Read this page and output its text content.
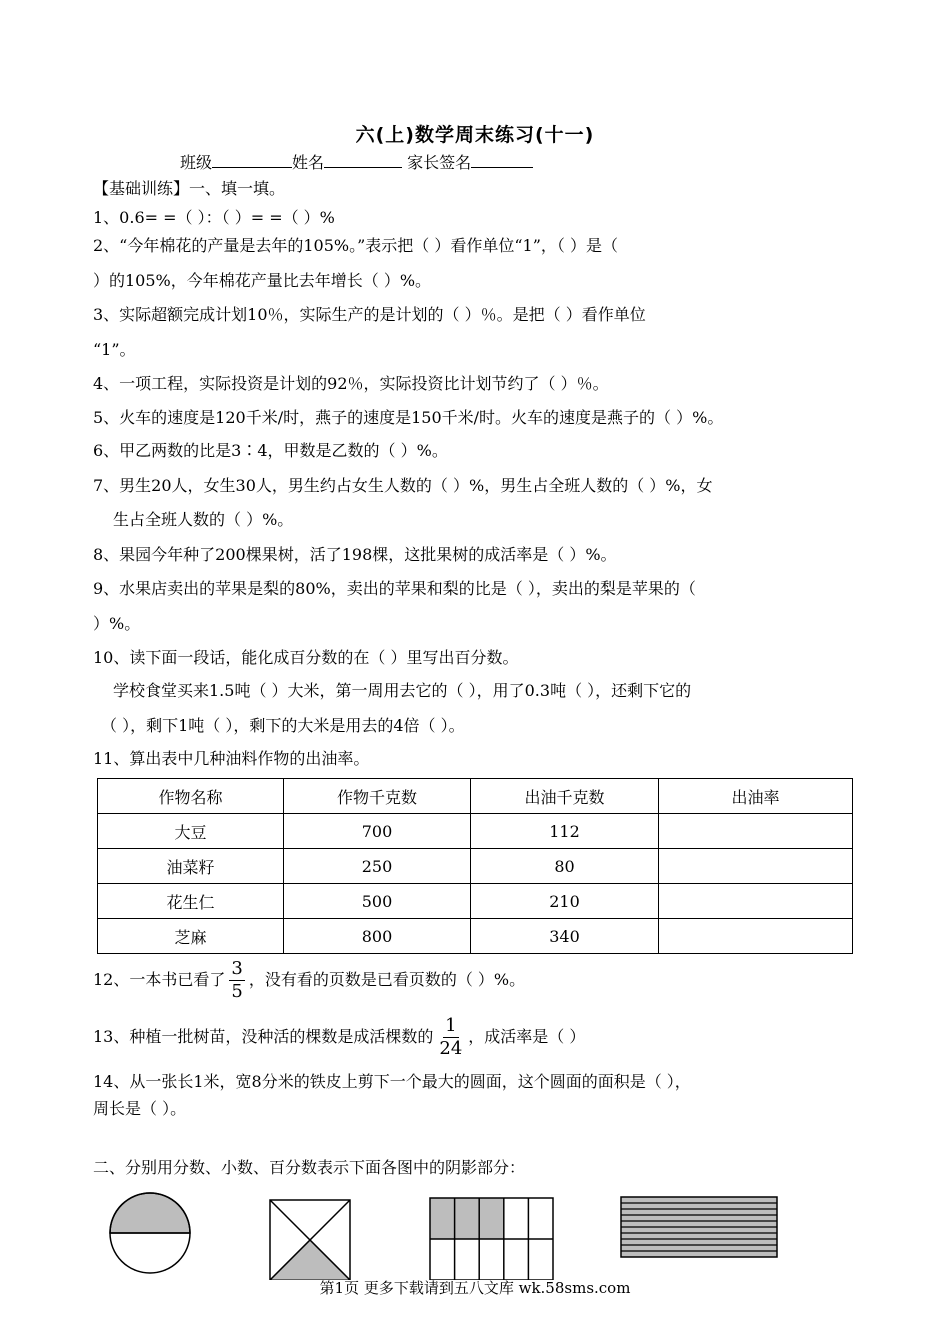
六(上)数学周末练习(十一)
班级	姓名	家长签名
【基础训练】一、填一填。
1、0.6= =（ ）：（ ）= =（ ）%
2、“今年棉花的产量是去年的105%。”表示把（ ）看作单位“1”，（ ）是（
）的105%，今年棉花产量比去年增长（ ）%。
3、实际超额完成计划10％，实际生产的是计划的（ ）％。是把（ ）看作单位
“1”。
4、一项工程，实际投资是计划的92％，实际投资比计划节约了（ ）％。
5、火车的速度是120千米/时，燕子的速度是150千米/时。火车的速度是燕子的（ ）%。
6、甲乙两数的比是3∶4，甲数是乙数的（ ）%。
7、男生20人，女生30人，男生约占女生人数的（ ）%，男生占全班人数的（ ）%，女
生占全班人数的（ ）%。
8、果园今年种了200棵果树，活了198棵，这批果树的成活率是（ ）%。
9、水果店卖出的苹果是梨的80%，卖出的苹果和梨的比是（ ），卖出的梨是苹果的（
）%。
10、读下面一段话，能化成百分数的在（ ）里写出百分数。
学校食堂买来1.5吨（ ）大米，第一周用去它的（ ），用了0.3吨（ ），还剩下它的
（ ），剩下1吨（ ），剩下的大米是用去的4倍（ ）。
11、算出表中几种油料作物的出油率。
作物名称	作物千克数	出油千克数	出油率
大豆	700	112	
油菜籽	250	80	
花生仁	500	210	
芝麻	800	340	
12、一本书已看了 $\frac{3}{5}$ ，没有看的页数是已看页数的（ ）%。
13、种植一批树苗，没种活的棵数是成活棵数的 $\frac{1}{24}$ ，成活率是（ ）
14、从一张长1米，宽8分米的铁皮上剪下一个最大的圆面，这个圆面的面积是（ ），
周长是（ ）。
二、分别用分数、小数、百分数表示下面各图中的阴影部分：
第1页 更多下载请到五八文库 wk.58sms.com
